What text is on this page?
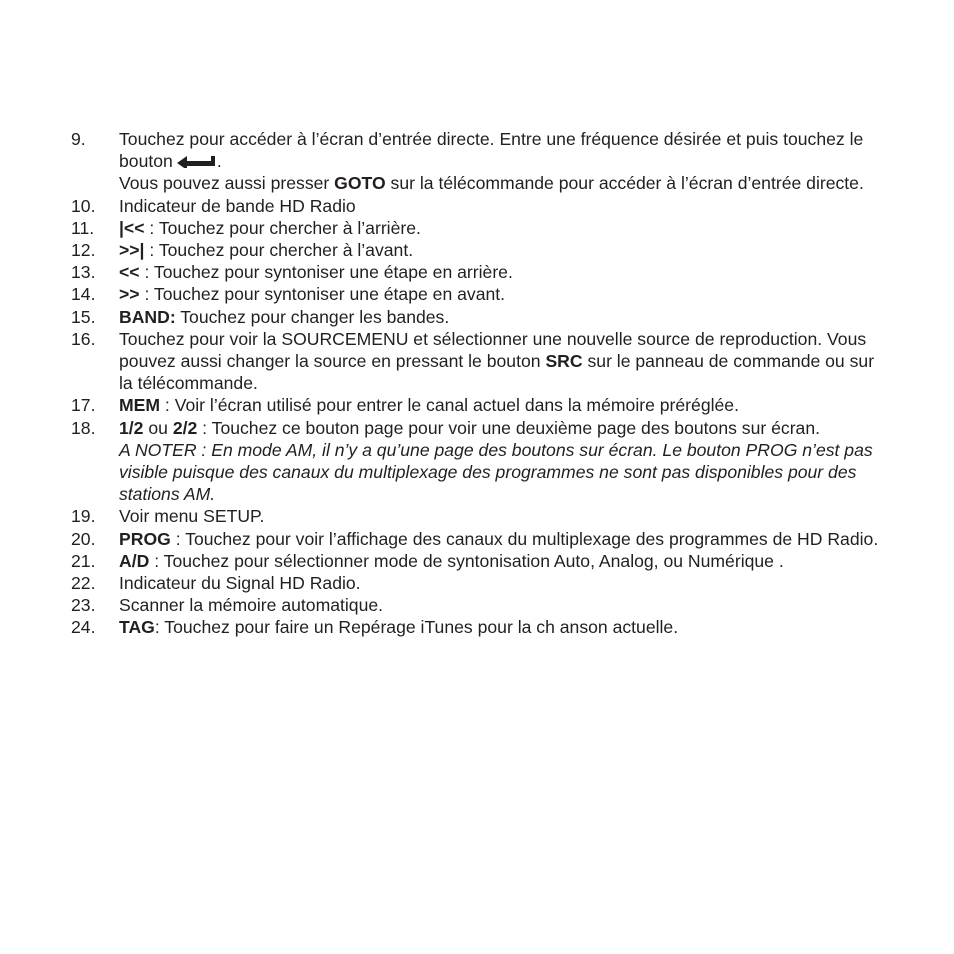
9. Touchez pour accéder à l’écran d’entrée directe. Entre une fréquence désirée et puis touchez le bouton	.
Vous pouvez aussi presser GOTO sur la télécommande pour accéder à l’écran d’entrée directe.
10. Indicateur de bande HD Radio
11. |<< : Touchez pour chercher à l’arrière.
12. >>| : Touchez pour chercher à l’avant.
13. << : Touchez pour syntoniser une étape en arrière.
14. >> : Touchez pour syntoniser une étape en avant.
15. BAND: Touchez pour changer les bandes.
16. Touchez pour voir la SOURCEMENU et sélectionner une nouvelle source de reproduction. Vous pouvez aussi changer la source en pressant le bouton SRC sur le panneau de commande ou sur la télécommande.
17. MEM : Voir l’écran utilisé pour entrer le canal actuel dans la mémoire préréglée.
18. 1/2 ou 2/2 : Touchez ce bouton page pour voir une deuxième page des boutons sur écran.
A NOTER : En mode AM, il n’y a qu’une page des boutons sur écran. Le bouton PROG n’est pas visible puisque des canaux du multiplexage des programmes ne sont pas disponibles pour des stations AM.
19. Voir menu SETUP.
20. PROG : Touchez pour voir l’affichage des canaux du multiplexage des programmes de HD Radio.
21. A/D : Touchez pour sélectionner mode de syntonisation Auto, Analog, ou Numérique .
22. Indicateur du Signal HD Radio.
23. Scanner la mémoire automatique.
24. TAG: Touchez pour faire un Repérage iTunes pour la ch anson actuelle.
